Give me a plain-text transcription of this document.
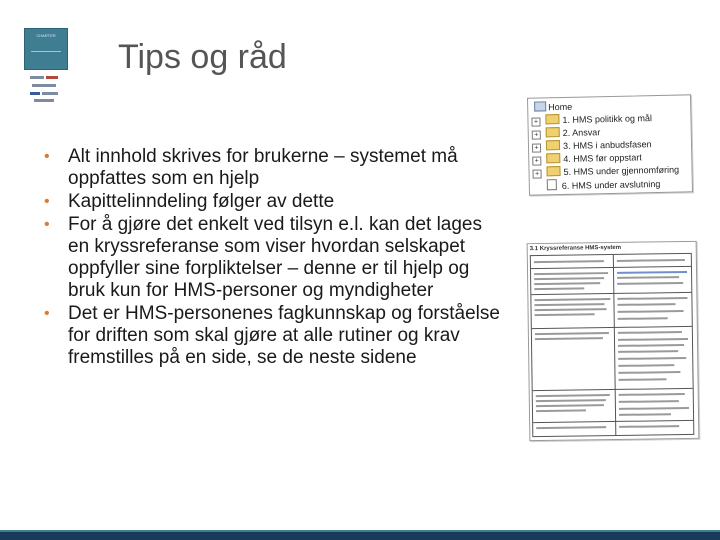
CHARTER
Tips og råd
• Alt innhold skrives for brukerne – systemet må oppfattes som en hjelp
• Kapittelinndeling følger av dette
• For å gjøre det enkelt ved tilsyn e.l. kan det lages en kryssreferanse som viser hvordan selskapet oppfyller sine forpliktelser – denne er til hjelp og bruk kun for HMS-personer og myndigheter
• Det er HMS-personenes fagkunnskap og forståelse for driften som skal gjøre at alle rutiner og krav fremstilles på en side, se de neste sidene
Home
+	1. HMS politikk og mål
+	2. Ansvar
+	3. HMS i anbudsfasen
+	4. HMS før oppstart
+	5. HMS under gjennomføring
6. HMS under avslutning
3.1 Kryssreferanse HMS-system
